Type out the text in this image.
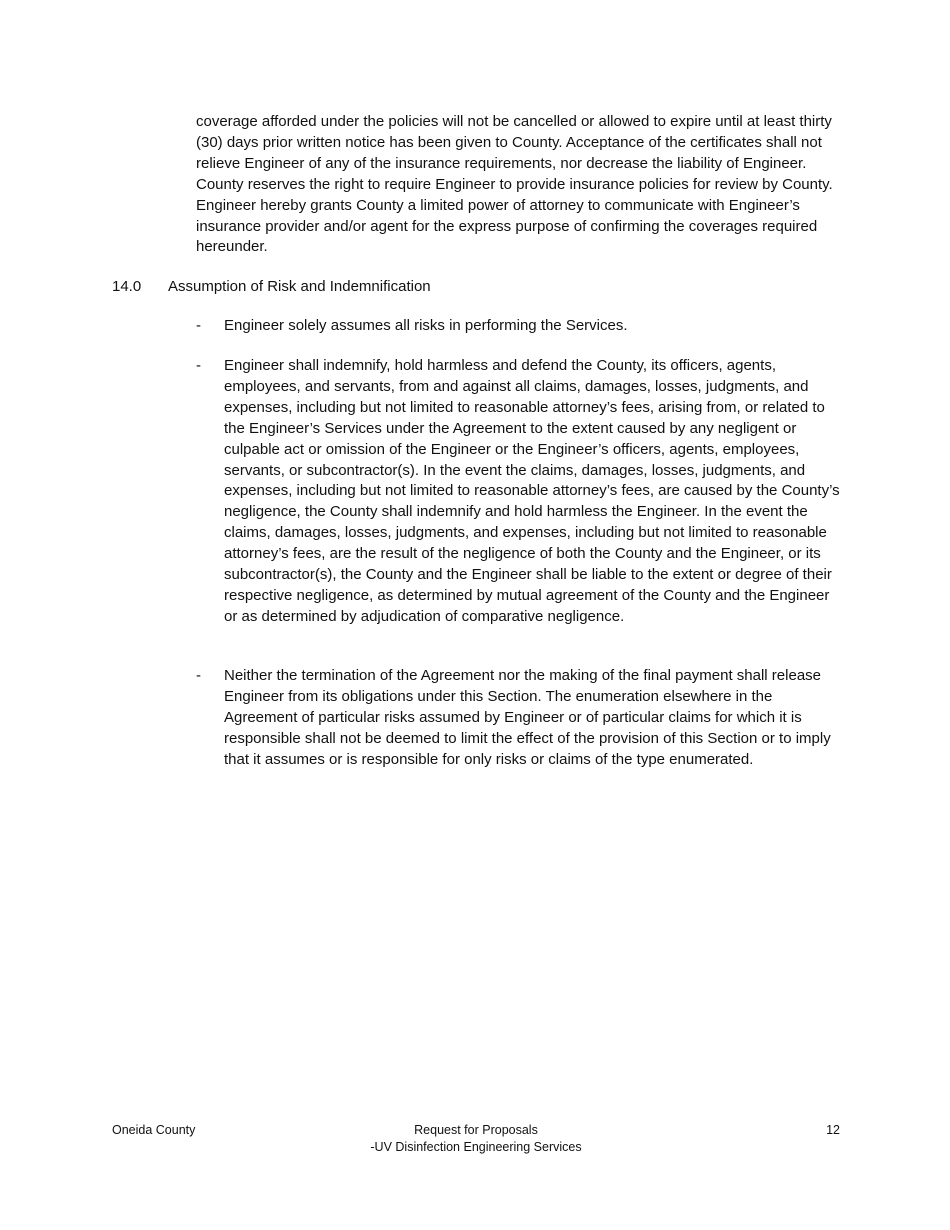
coverage afforded under the policies will not be cancelled or allowed to expire until at least thirty (30) days prior written notice has been given to County. Acceptance of the certificates shall not relieve Engineer of any of the insurance requirements, nor decrease the liability of Engineer. County reserves the right to require Engineer to provide insurance policies for review by County. Engineer hereby grants County a limited power of attorney to communicate with Engineer’s insurance provider and/or agent for the express purpose of confirming the coverages required hereunder.

14.0	Assumption of Risk and Indemnification
-	Engineer solely assumes all risks in performing the Services.
-	Engineer shall indemnify, hold harmless and defend the County, its officers, agents, employees, and servants, from and against all claims, damages, losses, judgments, and expenses, including but not limited to reasonable attorney’s fees, arising from, or related to the Engineer’s Services under the Agreement to the extent caused by any negligent or culpable act or omission of the Engineer or the Engineer’s officers, agents, employees, servants, or subcontractor(s). In the event the claims, damages, losses, judgments, and expenses, including but not limited to reasonable attorney’s fees, are caused by the County’s negligence, the County shall indemnify and hold harmless the Engineer. In the event the claims, damages, losses, judgments, and expenses, including but not limited to reasonable attorney’s fees, are the result of the negligence of both the County and the Engineer, or its subcontractor(s), the County and the Engineer shall be liable to the extent or degree of their respective negligence, as determined by mutual agreement of the County and the Engineer or as determined by adjudication of comparative negligence.
-	Neither the termination of the Agreement nor the making of the final payment shall release Engineer from its obligations under this Section. The enumeration elsewhere in the Agreement of particular risks assumed by Engineer or of particular claims for which it is responsible shall not be deemed to limit the effect of the provision of this Section or to imply that it assumes or is responsible for only risks or claims of the type enumerated.
Oneida County	Request for Proposals
-UV Disinfection Engineering Services
12
